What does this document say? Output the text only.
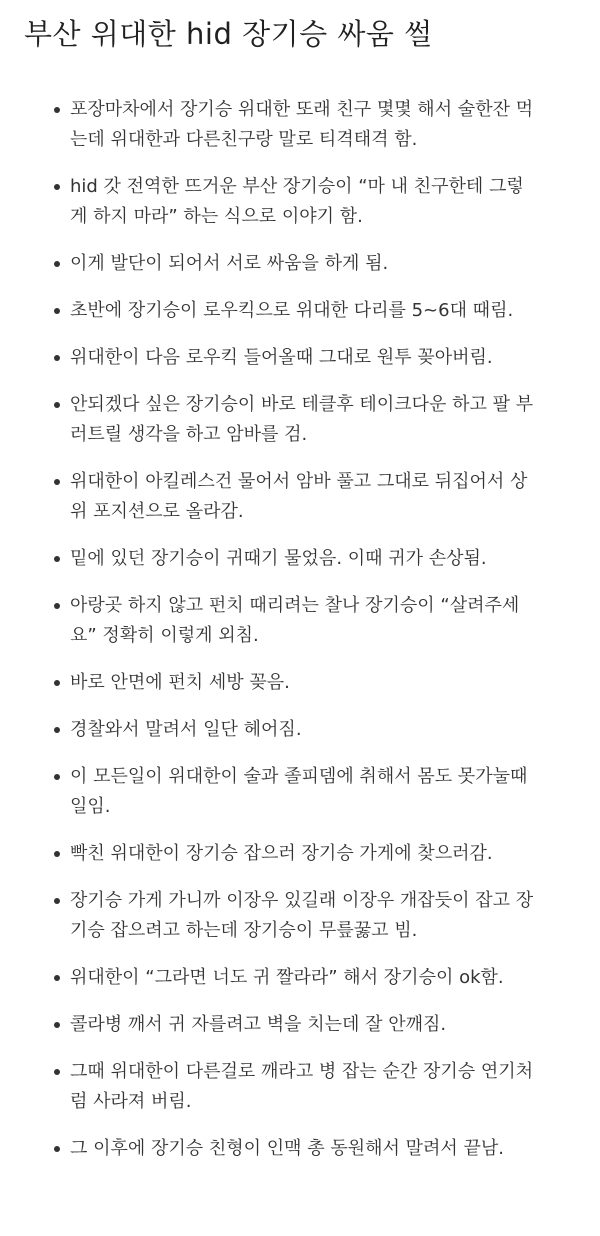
부산 위대한 hid 장기승 싸움 썰
포장마차에서 장기승 위대한 또래 친구 몇몇 해서 술한잔 먹
는데 위대한과 다른친구랑 말로 티격태격 함.
hid 갓 전역한 뜨거운 부산 장기승이 “마 내 친구한테 그렇
게 하지 마라” 하는 식으로 이야기 함.
이게 발단이 되어서 서로 싸움을 하게 됨.
초반에 장기승이 로우킥으로 위대한 다리를 5~6대 때림.
위대한이 다음 로우킥 들어올때 그대로 원투 꽂아버림.
안되겠다 싶은 장기승이 바로 테클후 테이크다운 하고 팔 부
러트릴 생각을 하고 암바를 검.
위대한이 아킬레스건 물어서 암바 풀고 그대로 뒤집어서 상
위 포지션으로 올라감.
밑에 있던 장기승이 귀때기 물었음. 이때 귀가 손상됨.
아랑곳 하지 않고 펀치 때리려는 찰나 장기승이 “살려주세
요” 정확히 이렇게 외침.
바로 안면에 펀치 세방 꽂음.
경찰와서 말려서 일단 헤어짐.
이 모든일이 위대한이 술과 졸피뎀에 취해서 몸도 못가눌때
일임.
빡친 위대한이 장기승 잡으러 장기승 가게에 찾으러감.
장기승 가게 가니까 이장우 있길래 이장우 개잡듯이 잡고 장
기승 잡으려고 하는데 장기승이 무릎꿇고 빔.
위대한이 “그라면 너도 귀 짤라라” 해서 장기승이 ok함.
콜라병 깨서 귀 자를려고 벽을 치는데 잘 안깨짐.
그때 위대한이 다른걸로 깨라고 병 잡는 순간 장기승 연기처
럼 사라져 버림.
그 이후에 장기승 친형이 인맥 총 동원해서 말려서 끝남.
